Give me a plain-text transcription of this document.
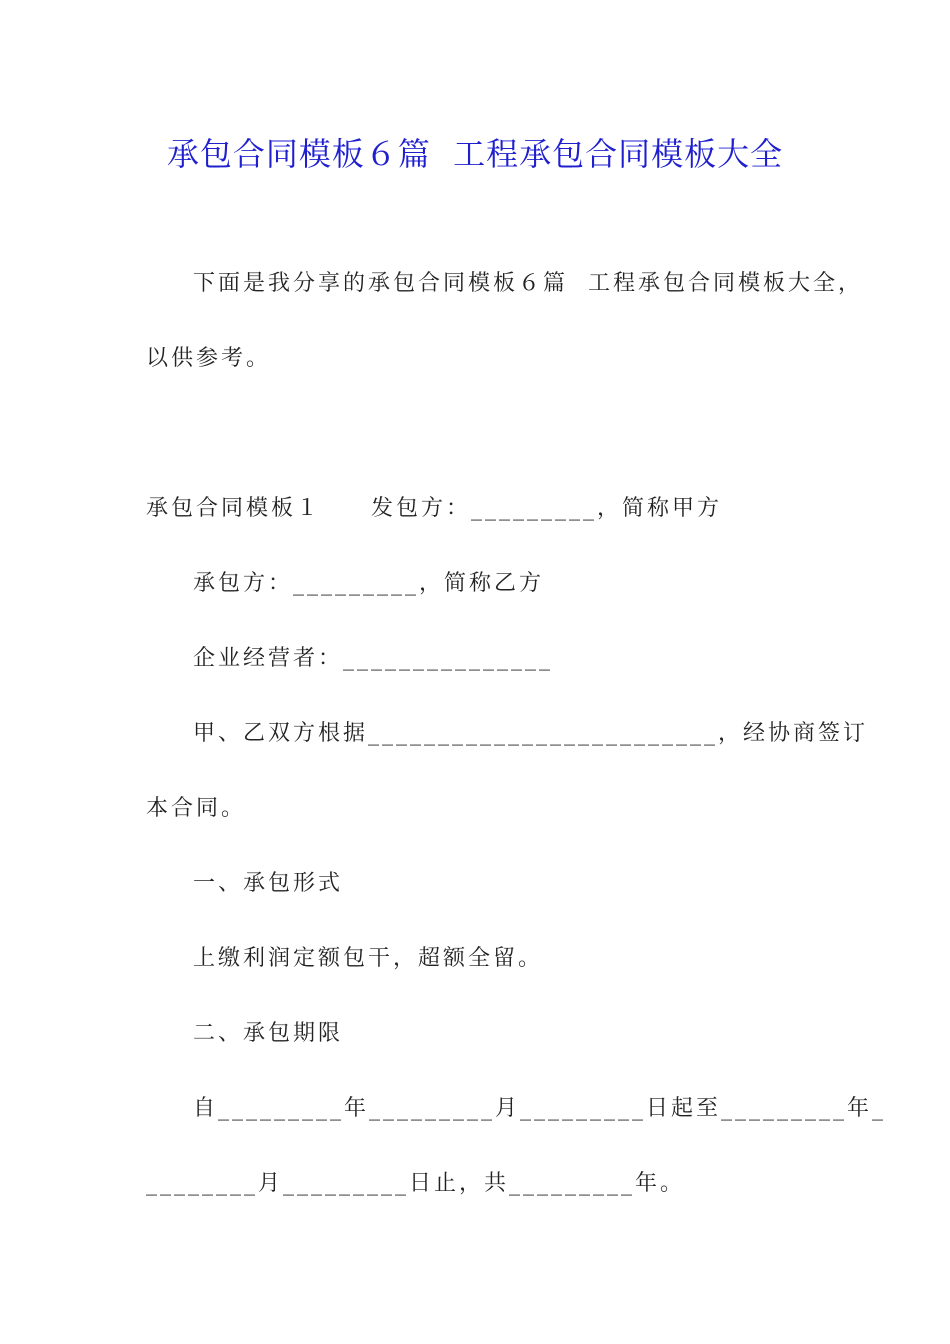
承包合同模板６篇  工程承包合同模板大全
下面是我分享的承包合同模板６篇  工程承包合同模板大全，
以供参考。
承包合同模板１     发包方：_________，简称甲方
承包方：_________，简称乙方
企业经营者：_______________
甲、乙双方根据_________________________，经协商签订
本合同。
一、承包形式
上缴利润定额包干，超额全留。
二、承包期限
自_________年_________月_________日起至_________年_
________月_________日止，共_________年。
